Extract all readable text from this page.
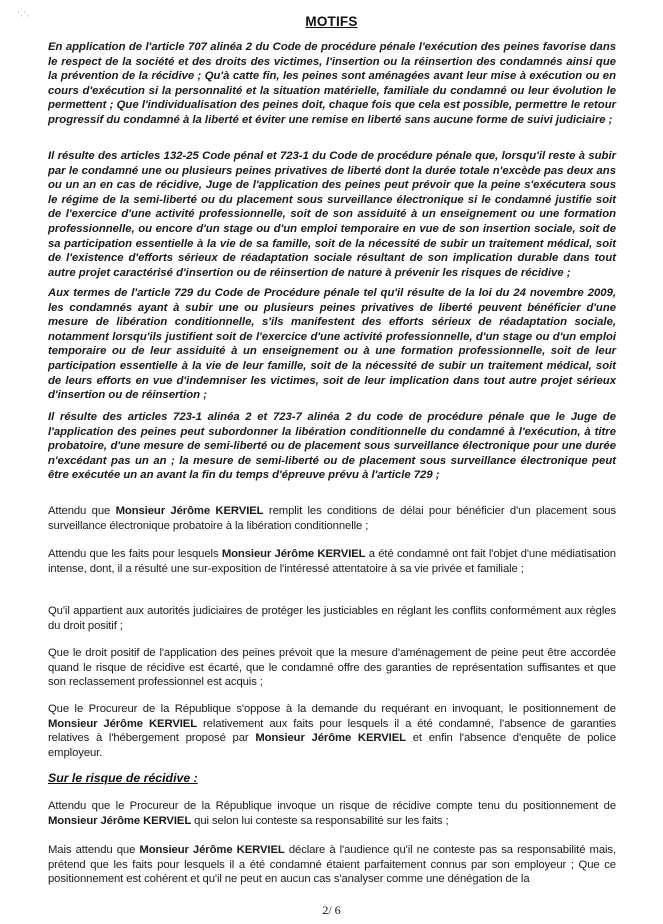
' , ' ,	MOTIFS

En application de l'article 707 alinéa 2 du Code de procédure pénale l'exécution des peines favorise dans le respect de la société et des droits des victimes, l'insertion ou la réinsertion des condamnés ainsi que la prévention de la récidive ; Qu'à catte fin, les peines sont aménagées avant leur mise à exécution ou en cours d'exécution si la personnalité et la situation matérielle, familiale du condamné ou leur évolution le permettent ; Que l'individualisation des peines doit, chaque fois que cela est possible, permettre le retour progressif du condamné à la liberté et éviter une remise en liberté sans aucune forme de suivi judiciaire ;

Il résulte des articles 132-25 Code pénal et 723-1 du Code de procédure pénale que, lorsqu'il reste à subir par le condamné une ou plusieurs peines privatives de liberté dont la durée totale n'excède pas deux ans ou un an en cas de récidive, Juge de l'application des peines peut prévoir que la peine s'exécutera sous le régime de la semi-liberté ou du placement sous surveillance électronique si le condamné justifie soit de l'exercice d'une activité professionnelle, soit de son assiduité à un enseignement ou une formation professionnelle, ou encore d'un stage ou d'un emploi temporaire en vue de son insertion sociale, soit de sa participation essentielle à la vie de sa famille, soit de la nécessité de subir un traitement médical, soit de l'existence d'efforts sérieux de réadaptation sociale résultant de son implication durable dans tout autre projet caractérisé d'insertion ou de réinsertion de nature à prévenir les risques de récidive ;

Aux termes de l'article 729 du Code de Procédure pénale tel qu'il résulte de la loi du 24 novembre 2009, les condamnés ayant à subir une ou plusieurs peines privatives de liberté peuvent bénéficier d'une mesure de libération conditionnelle, s'ils manifestent des efforts sérieux de réadaptation sociale, notamment lorsqu'ils justifient soit de l'exercice d'une activité professionnelle, d'un stage ou d'un emploi temporaire ou de leur assiduité à un enseignement ou à une formation professionnelle, soit de leur participation essentielle à la vie de leur famille, soit de la nécessité de subir un traitement médical, soit de leurs efforts en vue d'indemniser les victimes, soit de leur implication dans tout autre projet sérieux d'insertion ou de réinsertion ;

Il résulte des articles 723-1 alinéa 2 et 723-7 alinéa 2 du code de procédure pénale que le Juge de l'application des peines peut subordonner la libération conditionnelle du condamné à l'exécution, à titre probatoire, d'une mesure de semi-liberté ou de placement sous surveillance électronique pour une durée n'excédant pas un an ; la mesure de semi-liberté ou de placement sous surveillance électronique peut être exécutée un an avant la fin du temps d'épreuve prévu à l'article 729 ;

Attendu que Monsieur Jérôme KERVIEL remplit les conditions de délai pour bénéficier d'un placement sous surveillance électronique probatoire à la libération conditionnelle ;

Attendu que les faits pour lesquels Monsieur Jérôme KERVIEL a été condamné ont fait l'objet d'une médiatisation intense, dont, il a résulté une sur-exposition de l'intéressé attentatoire à sa vie privée et familiale ;

Qu'il appartient aux autorités judiciaires de protéger les justiciables en réglant les conflits conformément aux règles du droit positif ;

Que le droit positif de l'application des peines prévoit que la mesure d'aménagement de peine peut être accordée quand le risque de récidive est écarté, que le condamné offre des garanties de représentation suffisantes et que son reclassement professionnel est acquis ;

Que le Procureur de la République s'oppose à la demande du requérant en invoquant, le positionnement de Monsieur Jérôme KERVIEL relativement aux faits pour lesquels il a été condamné, l'absence de garanties relatives à l'hébergement proposé par Monsieur Jérôme KERVIEL et enfin l'absence d'enquête de police employeur.

Sur le risque de récidive :

Attendu que le Procureur de la République invoque un risque de récidive compte tenu du positionnement de Monsieur Jérôme KERVIEL qui selon lui conteste sa responsabilité sur les faits ;

Mais attendu que Monsieur Jérôme KERVIEL déclare à l'audience qu'il ne conteste pas sa responsabilité mais, prétend que les faits pour lesquels il a été condamné étaient parfaitement connus par son employeur ; Que ce positionnement est cohérent et qu'il ne peut en aucun cas s'analyser comme une dénégation de la

2/ 6
